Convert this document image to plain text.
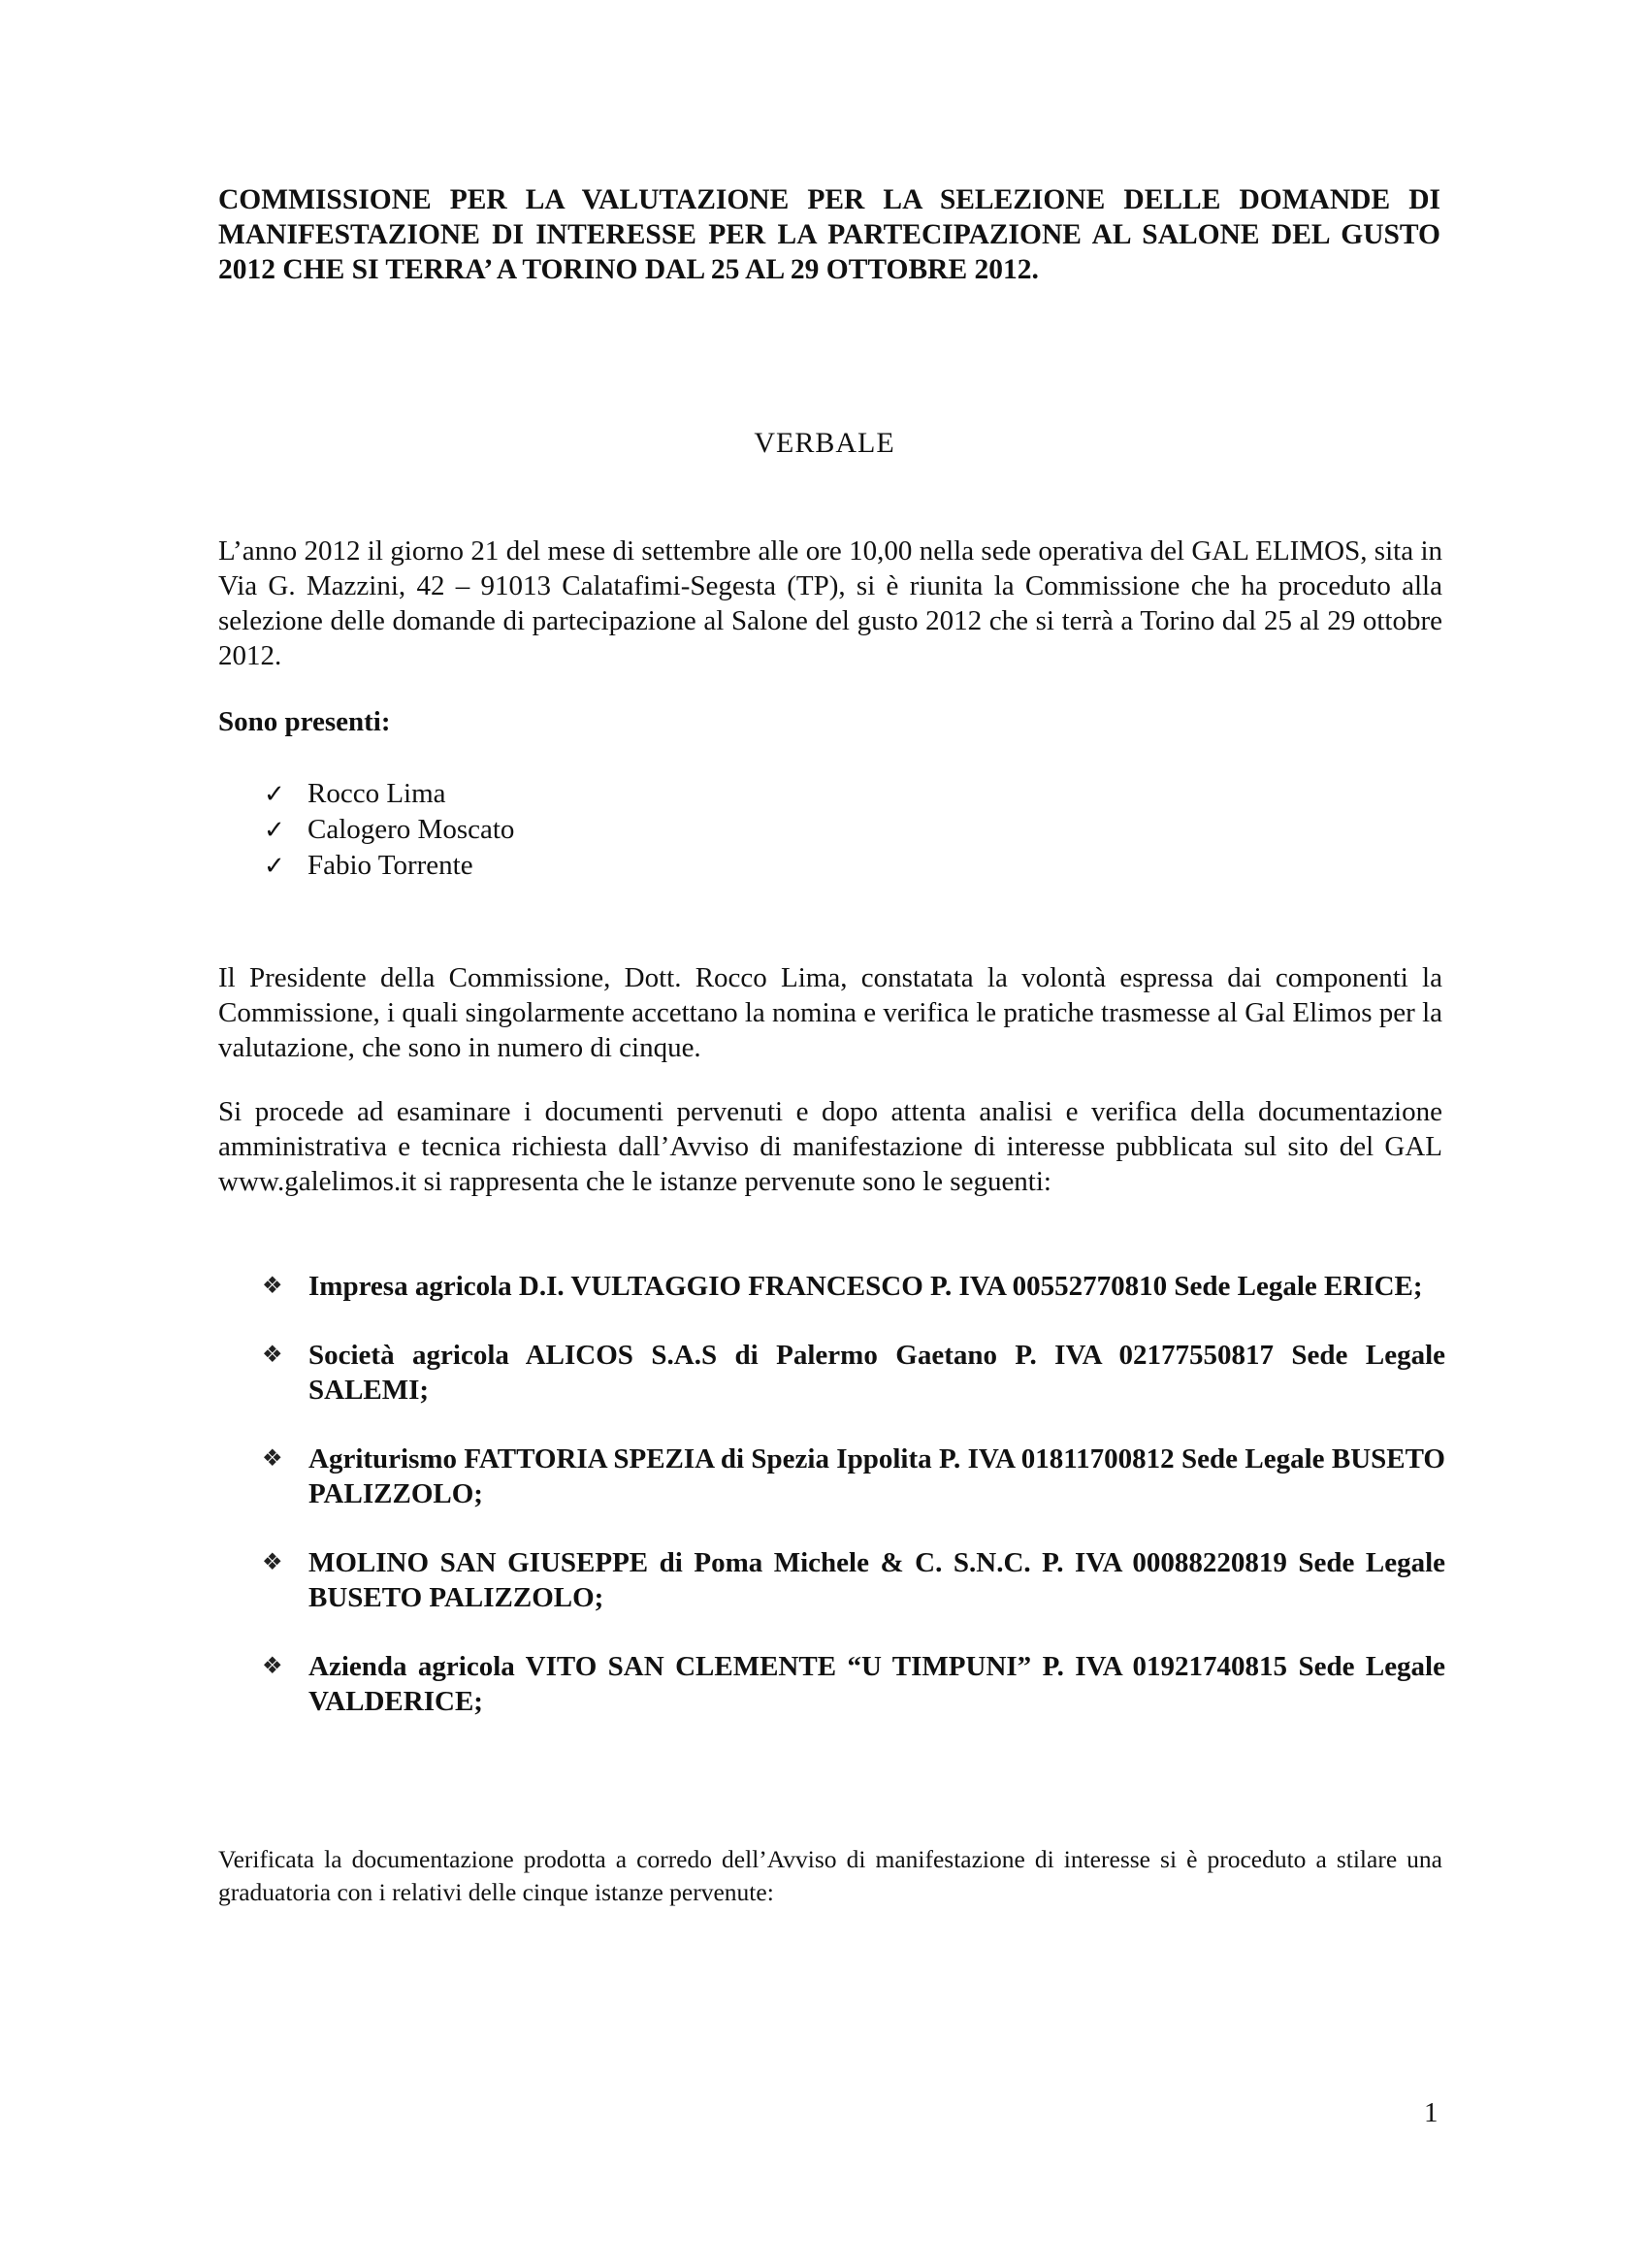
COMMISSIONE PER LA VALUTAZIONE PER LA SELEZIONE DELLE DOMANDE DI MANIFESTAZIONE DI INTERESSE PER LA PARTECIPAZIONE AL SALONE DEL GUSTO 2012 CHE SI TERRA’ A TORINO DAL 25 AL 29 OTTOBRE 2012.

VERBALE

L’anno 2012 il giorno 21 del mese di settembre alle ore 10,00 nella sede operativa del GAL ELIMOS, sita in Via G. Mazzini, 42 – 91013 Calatafimi-Segesta (TP), si è riunita la Commissione che ha proceduto alla selezione delle domande di partecipazione al Salone del gusto 2012 che si terrà a Torino dal 25 al 29 ottobre 2012.

Sono presenti:

✓ Rocco Lima
✓ Calogero Moscato
✓ Fabio Torrente

Il Presidente della Commissione, Dott. Rocco Lima, constatata la volontà espressa dai componenti la Commissione, i quali singolarmente accettano la nomina e verifica le pratiche trasmesse al Gal Elimos per la valutazione, che sono in numero di cinque.

Si procede ad esaminare i documenti pervenuti e dopo attenta analisi e verifica della documentazione amministrativa e tecnica richiesta dall’Avviso di manifestazione di interesse pubblicata sul sito del GAL www.galelimos.it si rappresenta che le istanze pervenute sono le seguenti:

❖ Impresa agricola D.I. VULTAGGIO FRANCESCO P. IVA 00552770810 Sede Legale ERICE;
❖ Società agricola ALICOS S.A.S di Palermo Gaetano P. IVA 02177550817 Sede Legale SALEMI;
❖ Agriturismo FATTORIA SPEZIA di Spezia Ippolita P. IVA 01811700812 Sede Legale BUSETO PALIZZOLO;
❖ MOLINO SAN GIUSEPPE di Poma Michele & C. S.N.C. P. IVA 00088220819 Sede Legale BUSETO PALIZZOLO;
❖ Azienda agricola VITO SAN CLEMENTE “U TIMPUNI” P. IVA 01921740815 Sede Legale VALDERICE;

Verificata la documentazione prodotta a corredo dell’Avviso di manifestazione di interesse si è proceduto a stilare una graduatoria con i relativi delle cinque istanze pervenute:

1
